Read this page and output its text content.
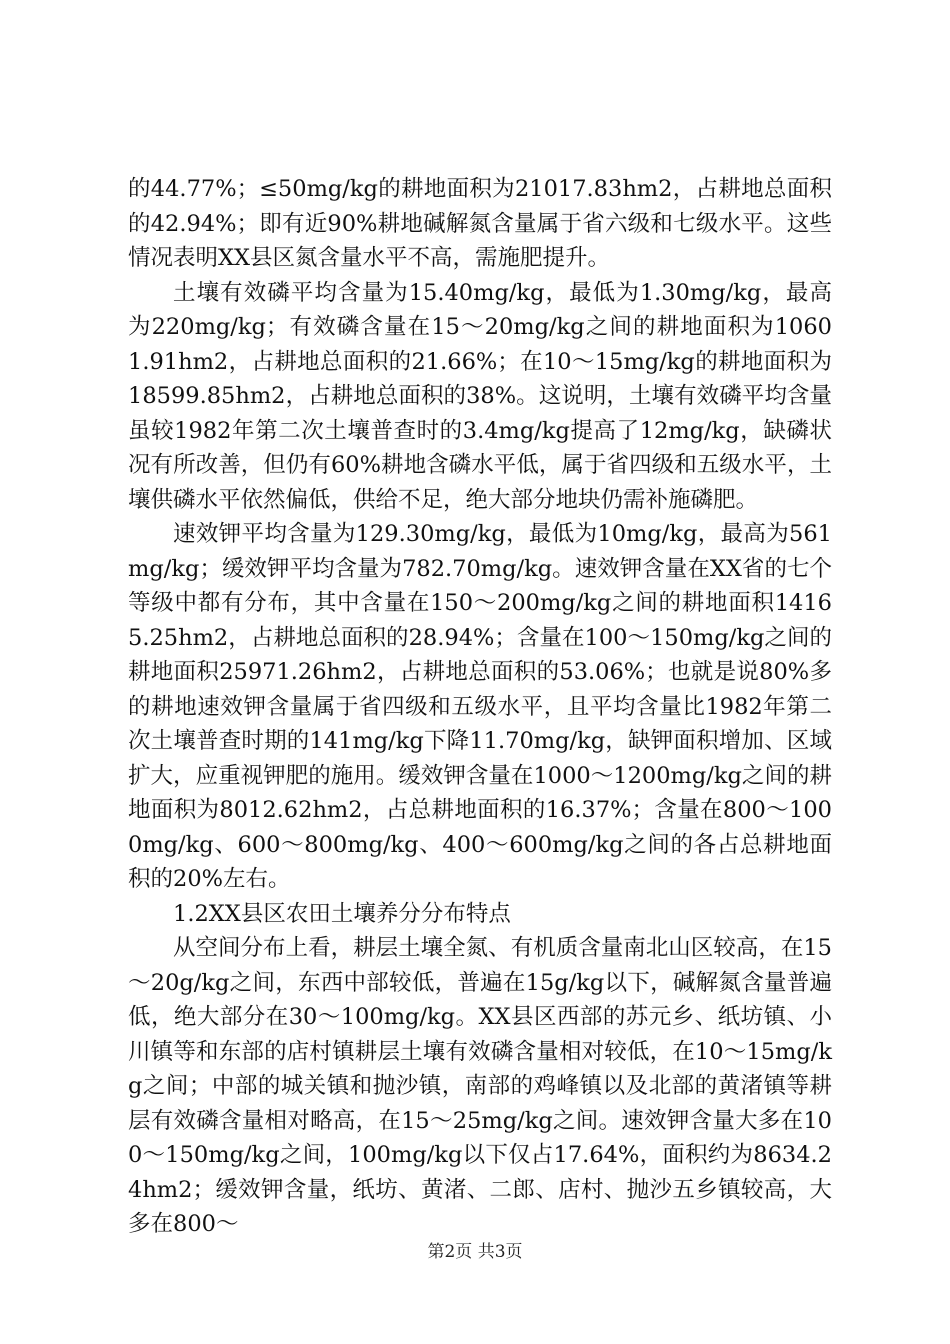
的44.77%；≤50mg/kg的耕地面积为21017.83hm2，占耕地总面积的42.94%；即有近90%耕地碱解氮含量属于省六级和七级水平。这些情况表明XX县区氮含量水平不高，需施肥提升。

土壤有效磷平均含量为15.40mg/kg，最低为1.30mg/kg，最高为220mg/kg；有效磷含量在15～20mg/kg之间的耕地面积为10601.91hm2，占耕地总面积的21.66%；在10～15mg/kg的耕地面积为18599.85hm2，占耕地总面积的38%。这说明，土壤有效磷平均含量虽较1982年第二次土壤普查时的3.4mg/kg提高了12mg/kg，缺磷状况有所改善，但仍有60%耕地含磷水平低，属于省四级和五级水平，土壤供磷水平依然偏低，供给不足，绝大部分地块仍需补施磷肥。

速效钾平均含量为129.30mg/kg，最低为10mg/kg，最高为561mg/kg；缓效钾平均含量为782.70mg/kg。速效钾含量在XX省的七个等级中都有分布，其中含量在150～200mg/kg之间的耕地面积14165.25hm2，占耕地总面积的28.94%；含量在100～150mg/kg之间的耕地面积25971.26hm2，占耕地总面积的53.06%；也就是说80%多的耕地速效钾含量属于省四级和五级水平，且平均含量比1982年第二次土壤普查时期的141mg/kg下降11.70mg/kg，缺钾面积增加、区域扩大，应重视钾肥的施用。缓效钾含量在1000～1200mg/kg之间的耕地面积为8012.62hm2，占总耕地面积的16.37%；含量在800～1000mg/kg、600～800mg/kg、400～600mg/kg之间的各占总耕地面积的20%左右。

1.2XX县区农田土壤养分分布特点

从空间分布上看，耕层土壤全氮、有机质含量南北山区较高，在15～20g/kg之间，东西中部较低，普遍在15g/kg以下，碱解氮含量普遍低，绝大部分在30～100mg/kg。XX县区西部的苏元乡、纸坊镇、小川镇等和东部的店村镇耕层土壤有效磷含量相对较低，在10～15mg/kg之间；中部的城关镇和抛沙镇，南部的鸡峰镇以及北部的黄渚镇等耕层有效磷含量相对略高，在15～25mg/kg之间。速效钾含量大多在100～150mg/kg之间，100mg/kg以下仅占17.64%，面积约为8634.24hm2；缓效钾含量，纸坊、黄渚、二郎、店村、抛沙五乡镇较高，大多在800～

第2页 共3页
